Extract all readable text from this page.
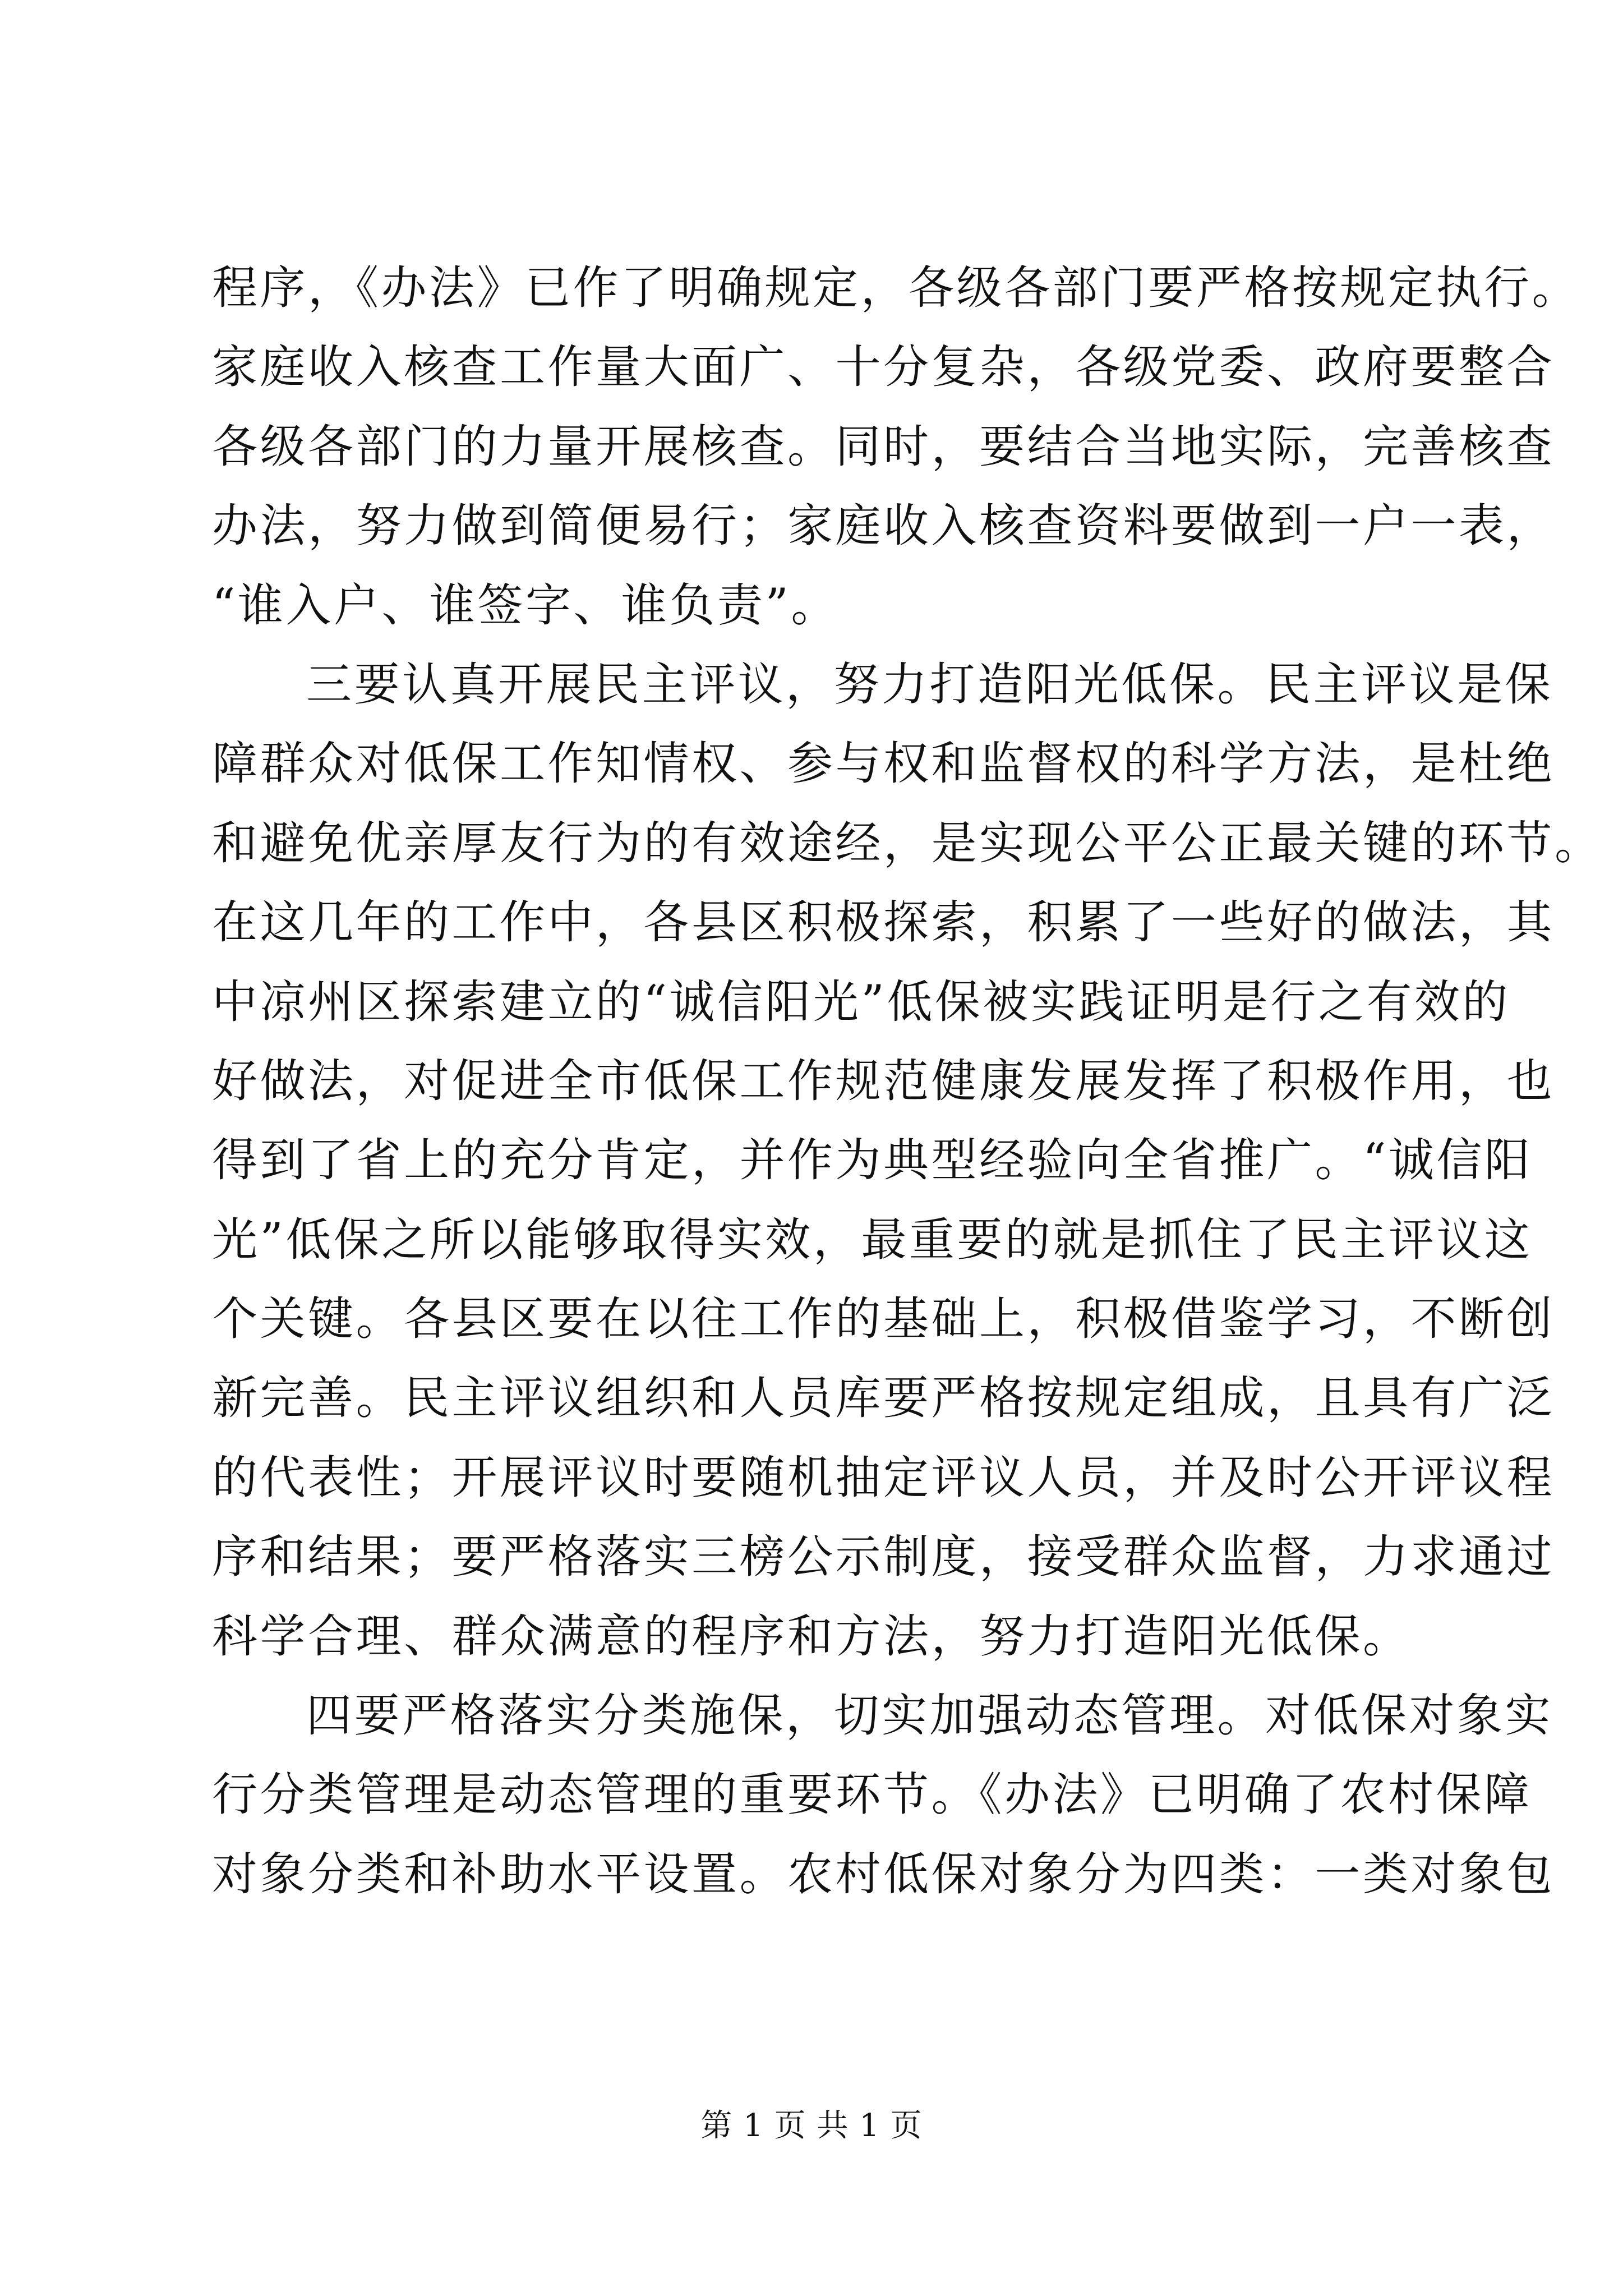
程序，《办法》已作了明确规定，各级各部门要严格按规定执行。
家庭收入核查工作量大面广、十分复杂，各级党委、政府要整合
各级各部门的力量开展核查。同时，要结合当地实际，完善核查
办法，努力做到简便易行；家庭收入核查资料要做到一户一表，
“谁入户、谁签字、谁负责”。
三要认真开展民主评议，努力打造阳光低保。民主评议是保
障群众对低保工作知情权、参与权和监督权的科学方法，是杜绝
和避免优亲厚友行为的有效途经，是实现公平公正最关键的环节。
在这几年的工作中，各县区积极探索，积累了一些好的做法，其
中凉州区探索建立的“诚信阳光”低保被实践证明是行之有效的
好做法，对促进全市低保工作规范健康发展发挥了积极作用，也
得到了省上的充分肯定，并作为典型经验向全省推广。“诚信阳
光”低保之所以能够取得实效，最重要的就是抓住了民主评议这
个关键。各县区要在以往工作的基础上，积极借鉴学习，不断创
新完善。民主评议组织和人员库要严格按规定组成，且具有广泛
的代表性；开展评议时要随机抽定评议人员，并及时公开评议程
序和结果；要严格落实三榜公示制度，接受群众监督，力求通过
科学合理、群众满意的程序和方法，努力打造阳光低保。
四要严格落实分类施保，切实加强动态管理。对低保对象实
行分类管理是动态管理的重要环节。《办法》已明确了农村保障
对象分类和补助水平设置。农村低保对象分为四类：一类对象包
第 1 页 共 1 页
